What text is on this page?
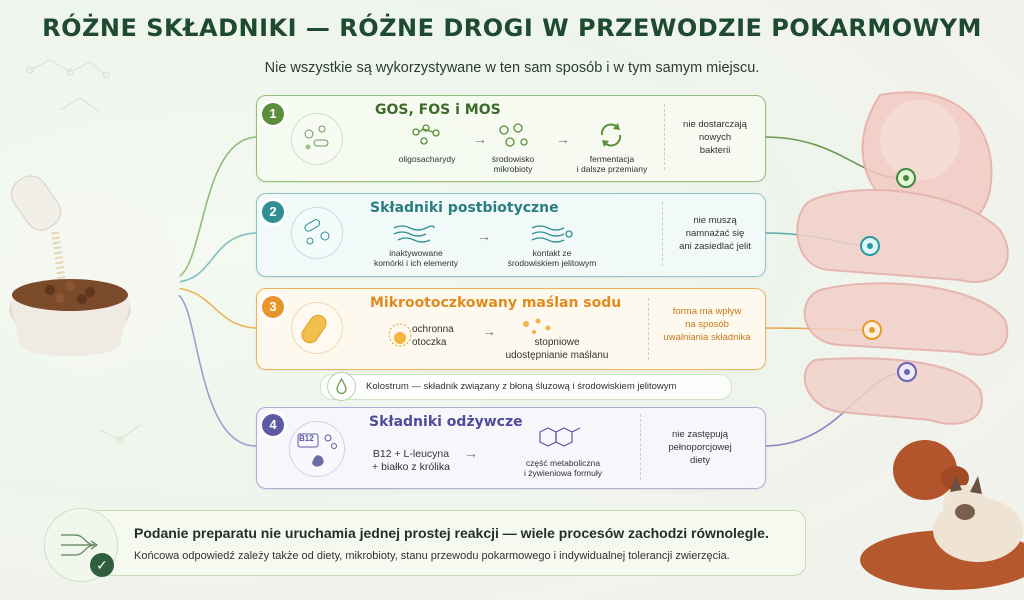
RÓŻNE SKŁADNIKI — RÓŻNE DROGI W PRZEWODZIE POKARMOWYM
Nie wszystkie są wykorzystywane w ten sam sposób i w tym samym miejscu.
1	GOS, FOS i MOS
oligosacharydy
→
środowisko
mikrobioty
→
fermentacja
i dalsze przemiany
nie dostarczają
nowych
bakterii
2	Składniki postbiotyczne
inaktywowane
komórki i ich elementy
→
kontakt ze
środowiskiem jelitowym
nie muszą
namnażać się
ani zasiedlać jelit
3	Mikrootoczkowany maślan sodu
ochronna
otoczka
→
stopniowe
udostępnianie maślanu
forma ma wpływ
na sposób
uwalniania składnika
Kolostrum — składnik związany z błoną śluzową i środowiskiem jelitowym
4
B12
Składniki odżywcze
B12 + L-leucyna
+ białko z królika
→
część metaboliczna
i żywieniowa formuły
nie zastępują
pełnoporcjowej
diety
✓
Podanie preparatu nie uruchamia jednej prostej reakcji — wiele procesów zachodzi równolegle.
Końcowa odpowiedź zależy także od diety, mikrobioty, stanu przewodu pokarmowego i indywidualnej tolerancji zwierzęcia.
